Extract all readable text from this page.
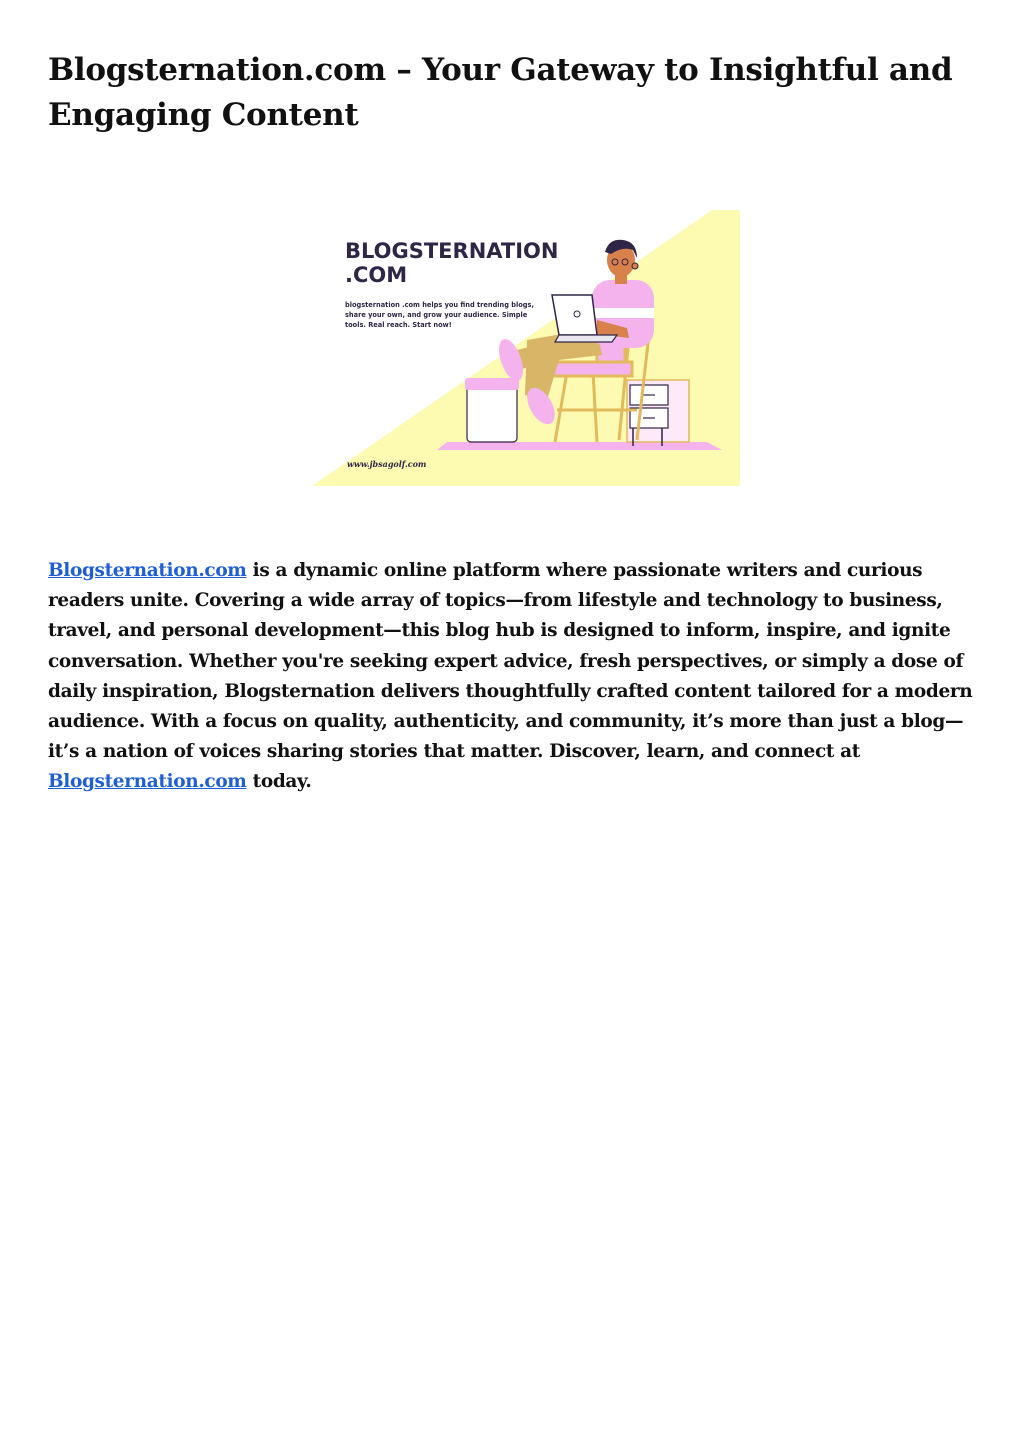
Blogsternation.com – Your Gateway to Insightful and Engaging Content
BLOGSTERNATION
.COM
blogsternation .com helps you find trending blogs,
share your own, and grow your audience. Simple
tools. Real reach. Start now!
www.jbsagolf.com

Blogsternation.com is a dynamic online platform where passionate writers and curious readers unite. Covering a wide array of topics—from lifestyle and technology to business, travel, and personal development—this blog hub is designed to inform, inspire, and ignite conversation. Whether you're seeking expert advice, fresh perspectives, or simply a dose of daily inspiration, Blogsternation delivers thoughtfully crafted content tailored for a modern audience. With a focus on quality, authenticity, and community, it’s more than just a blog—it’s a nation of voices sharing stories that matter. Discover, learn, and connect at Blogsternation.com today.
